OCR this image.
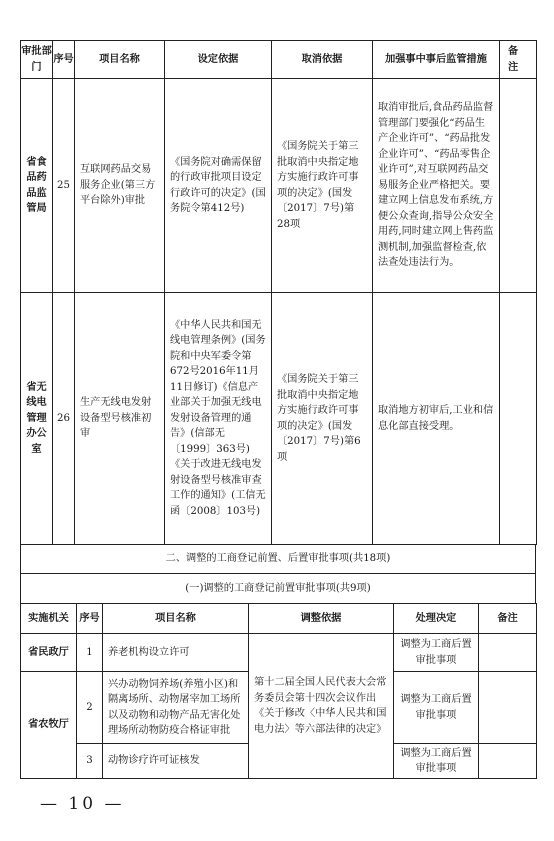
审批部门	序号	项目名称	设定依据	取消依据	加强事中事后监管措施	备　注
省食品药品监管局	25	互联网药品交易服务企业(第三方平台除外)审批	《国务院对确需保留的行政审批项目设定行政许可的决定》(国务院令第412号)	《国务院关于第三批取消中央指定地方实施行政许可事项的决定》(国发〔2017〕7号)第28项	取消审批后,食品药品监督管理部门要强化“药品生产企业许可”、“药品批发企业许可”、“药品零售企业许可”,对互联网药品交易服务企业严格把关。要建立网上信息发布系统,方便公众查询,指导公众安全用药,同时建立网上售药监测机制,加强监督检查,依法查处违法行为。	
省无线电管理办公室	26	生产无线电发射设备型号核准初审	《中华人民共和国无线电管理条例》(国务院和中央军委令第672号2016年11月11日修订)《信息产业部关于加强无线电发射设备管理的通告》(信部无〔1999〕363号)《关于改进无线电发射设备型号核准审查工作的通知》(工信无函〔2008〕103号)	《国务院关于第三批取消中央指定地方实施行政许可事项的决定》(国发〔2017〕7号)第6项	取消地方初审后,工业和信息化部直接受理。	
二、调整的工商登记前置、后置审批事项(共18项)
(一)调整的工商登记前置审批事项(共9项)
实施机关	序号	项目名称	调整依据	处理决定	备注
省民政厅	1	养老机构设立许可	第十二届全国人民代表大会常务委员会第十四次会议作出《关于修改〈中华人民共和国电力法〉等六部法律的决定》	调整为工商后置审批事项	
省农牧厅	2	兴办动物饲养场(养殖小区)和隔离场所、动物屠宰加工场所以及动物和动物产品无害化处理场所动物防疫合格证审批		调整为工商后置审批事项	
	3	动物诊疗许可证核发		调整为工商后置审批事项	
— 10 —
